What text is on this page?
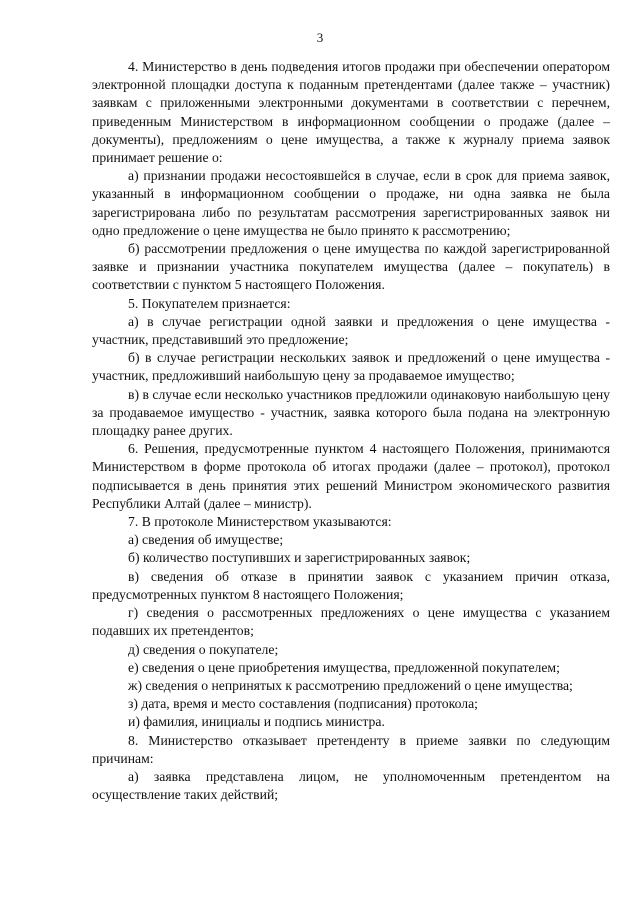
3

4. Министерство в день подведения итогов продажи при обеспечении оператором электронной площадки доступа к поданным претендентами (далее также – участник) заявкам с приложенными электронными документами в соответствии с перечнем, приведенным Министерством в информационном сообщении о продаже (далее – документы), предложениям о цене имущества, а также к журналу приема заявок принимает решение о:

а) признании продажи несостоявшейся в случае, если в срок для приема заявок, указанный в информационном сообщении о продаже, ни одна заявка не была зарегистрирована либо по результатам рассмотрения зарегистрированных заявок ни одно предложение о цене имущества не было принято к рассмотрению;

б) рассмотрении предложения о цене имущества по каждой зарегистрированной заявке и признании участника покупателем имущества (далее – покупатель) в соответствии с пунктом 5 настоящего Положения.

5. Покупателем признается:

а) в случае регистрации одной заявки и предложения о цене имущества - участник, представивший это предложение;

б) в случае регистрации нескольких заявок и предложений о цене имущества - участник, предложивший наибольшую цену за продаваемое имущество;

в) в случае если несколько участников предложили одинаковую наибольшую цену за продаваемое имущество - участник, заявка которого была подана на электронную площадку ранее других.

6. Решения, предусмотренные пунктом 4 настоящего Положения, принимаются Министерством в форме протокола об итогах продажи (далее – протокол), протокол подписывается в день принятия этих решений Министром экономического развития Республики Алтай (далее – министр).

7. В протоколе Министерством указываются:

а) сведения об имуществе;

б) количество поступивших и зарегистрированных заявок;

в) сведения об отказе в принятии заявок с указанием причин отказа, предусмотренных пунктом 8 настоящего Положения;

г) сведения о рассмотренных предложениях о цене имущества с указанием подавших их претендентов;

д) сведения о покупателе;

е) сведения о цене приобретения имущества, предложенной покупателем;

ж) сведения о непринятых к рассмотрению предложений о цене имущества;

з) дата, время и место составления (подписания) протокола;

и) фамилия, инициалы и подпись министра.

8. Министерство отказывает претенденту в приеме заявки по следующим причинам:

а) заявка представлена лицом, не уполномоченным претендентом на осуществление таких действий;
